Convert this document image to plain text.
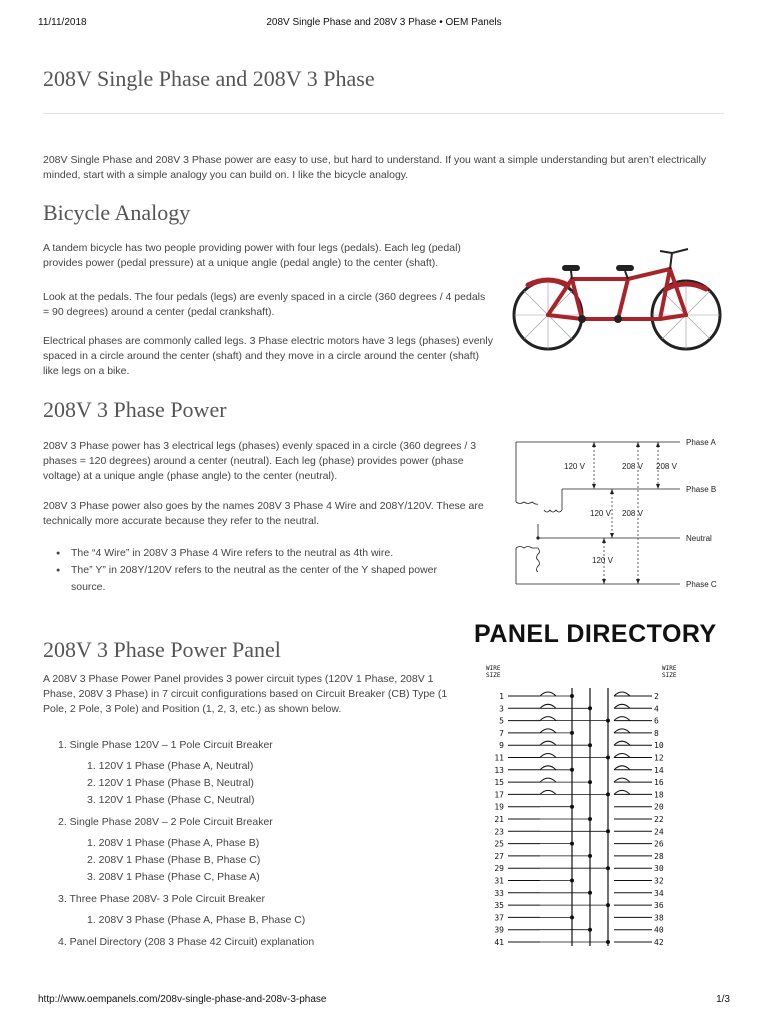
11/11/2018	208V Single Phase and 208V 3 Phase • OEM Panels
208V Single Phase and 208V 3 Phase

208V Single Phase and 208V 3 Phase power are easy to use, but hard to understand. If you want a simple understanding but aren’t electrically minded, start with a simple analogy you can build on. I like the bicycle analogy.

Bicycle Analogy

A tandem bicycle has two people providing power with four legs (pedals). Each leg (pedal) provides power (pedal pressure) at a unique angle (pedal angle) to the center (shaft).

Look at the pedals. The four pedals (legs) are evenly spaced in a circle (360 degrees / 4 pedals = 90 degrees) around a center (pedal crankshaft).

Electrical phases are commonly called legs. 3 Phase electric motors have 3 legs (phases) evenly spaced in a circle around the center (shaft) and they move in a circle around the center (shaft) like legs on a bike.

208V 3 Phase Power

208V 3 Phase power has 3 electrical legs (phases) evenly spaced in a circle (360 degrees / 3 phases = 120 degrees) around a center (neutral). Each leg (phase) provides power (phase voltage) at a unique angle (phase angle) to the center (neutral).

208V 3 Phase power also goes by the names 208V 3 Phase 4 Wire and 208Y/120V. These are technically more accurate because they refer to the neutral.

● The “4 Wire” in 208V 3 Phase 4 Wire refers to the neutral as 4th wire.
● The” Y” in 208Y/120V refers to the neutral as the center of the Y shaped power source.
Phase A
Phase B
Neutral
Phase C
120 V	208 V 208 V
120 V 208 V
120 V
208V 3 Phase Power Panel

A 208V 3 Phase Power Panel provides 3 power circuit types (120V 1 Phase, 208V 1 Phase, 208V 3 Phase) in 7 circuit configurations based on Circuit Breaker (CB) Type (1 Pole, 2 Pole, 3 Pole) and Position (1, 2, 3, etc.) as shown below.

1. Single Phase 120V – 1 Pole Circuit Breaker
1. 120V 1 Phase (Phase A, Neutral)
2. 120V 1 Phase (Phase B, Neutral)
3. 120V 1 Phase (Phase C, Neutral)
2. Single Phase 208V – 2 Pole Circuit Breaker
1. 208V 1 Phase (Phase A, Phase B)
2. 208V 1 Phase (Phase B, Phase C)
3. 208V 1 Phase (Phase C, Phase A)
3. Three Phase 208V- 3 Pole Circuit Breaker
1. 208V 3 Phase (Phase A, Phase B, Phase C)
4. Panel Directory (208 3 Phase 42 Circuit) explanation
PANEL DIRECTORY
WIRE
SIZE
WIRE
SIZE
1	2
3	4
5	6
7	8
9	10
11	12
13	14
15	16
17	18
19	20
21	22
23	24
25	26
27	28
29	30
31	32
33	34
35	36
37	38
39	40
41	42
http://www.oempanels.com/208v-single-phase-and-208v-3-phase	1/3
